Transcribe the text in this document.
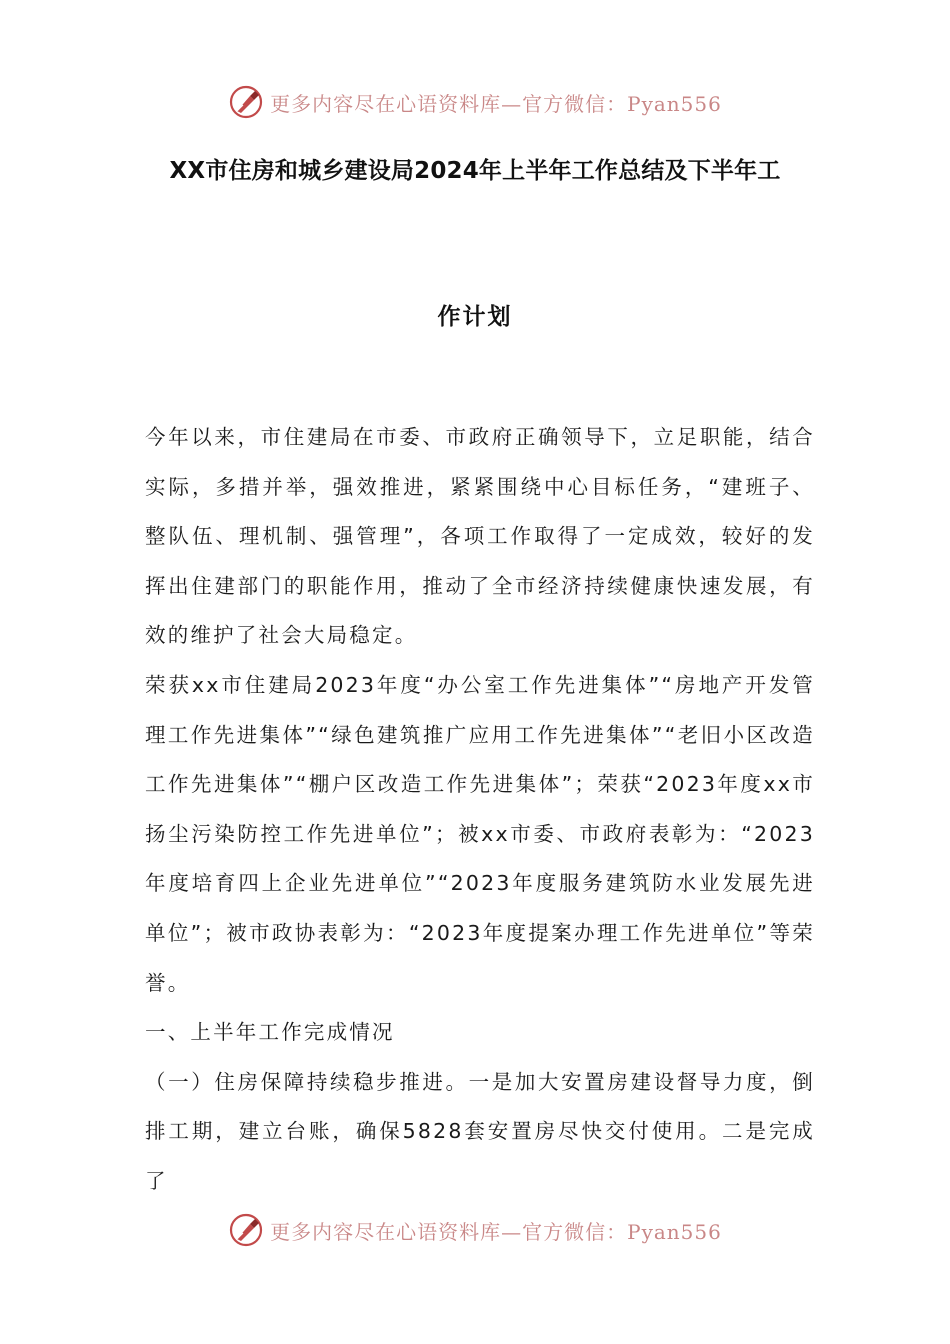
更多内容尽在心语资料库—官方微信：Pyan556
XX市住房和城乡建设局2024年上半年工作总结及下半年工
作计划

今年以来，市住建局在市委、市政府正确领导下，立足职能，结合实际，多措并举，强效推进，紧紧围绕中心目标任务，“建班子、整队伍、理机制、强管理”，各项工作取得了一定成效，较好的发挥出住建部门的职能作用，推动了全市经济持续健康快速发展，有效的维护了社会大局稳定。

荣获xx市住建局2023年度“办公室工作先进集体”“房地产开发管理工作先进集体”“绿色建筑推广应用工作先进集体”“老旧小区改造工作先进集体”“棚户区改造工作先进集体”；荣获“2023年度xx市扬尘污染防控工作先进单位”；被xx市委、市政府表彰为：“2023年度培育四上企业先进单位”“2023年度服务建筑防水业发展先进单位”；被市政协表彰为：“2023年度提案办理工作先进单位”等荣誉。

一、上半年工作完成情况

（一）住房保障持续稳步推进。一是加大安置房建设督导力度，倒排工期，建立台账，确保5828套安置房尽快交付使用。二是完成了

更多内容尽在心语资料库—官方微信：Pyan556
